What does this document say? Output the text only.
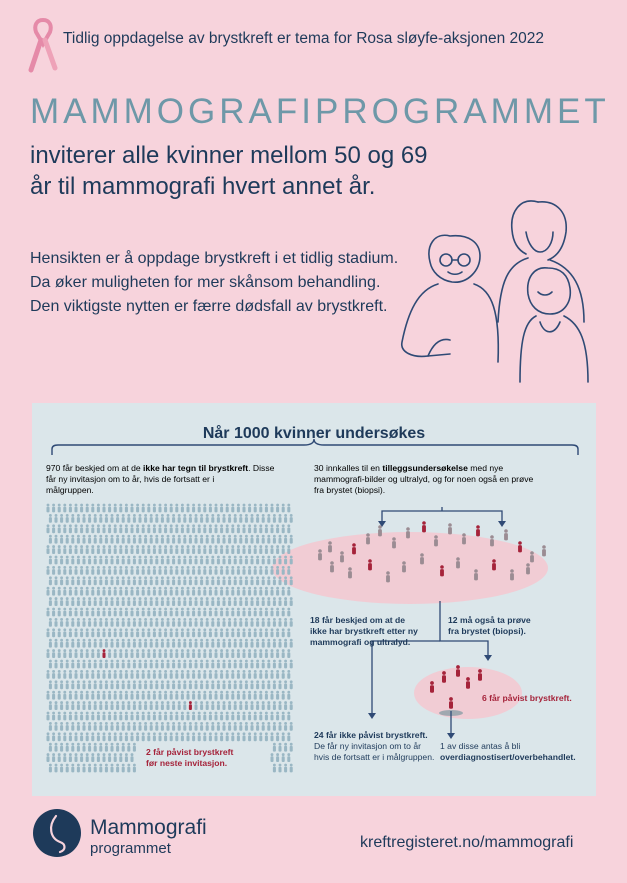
Tidlig oppdagelse av brystkreft er tema for Rosa sløyfe-aksjonen 2022
MAMMOGRAFIPROGRAMMET
inviterer alle kvinner mellom 50 og 69 år til mammografi hvert annet år.
Hensikten er å oppdage brystkreft i et tidlig stadium. Da øker muligheten for mer skånsom behandling. Den viktigste nytten er færre dødsfall av brystkreft.
Når 1000 kvinner undersøkes
970 får beskjed om at de ikke har tegn til brystkreft. Disse får ny invitasjon om to år, hvis de fortsatt er i målgruppen.
30 innkalles til en tilleggsundersøkelse med nye mammografi-bilder og ultralyd, og for noen også en prøve fra brystet (biopsi).
18 får beskjed om at de
ikke har brystkreft etter ny
mammografi og ultralyd.
12 må også ta prøve
fra brystet (biopsi).
6 får påvist brystkreft.
24 får ikke påvist brystkreft.
De får ny invitasjon om to år
hvis de fortsatt er i målgruppen.
1 av disse antas å bli
overdiagnostisert/overbehandlet.
2 får påvist brystkreft
før neste invitasjon.
Mammografi
programmet	kreftregisteret.no/mammografi
